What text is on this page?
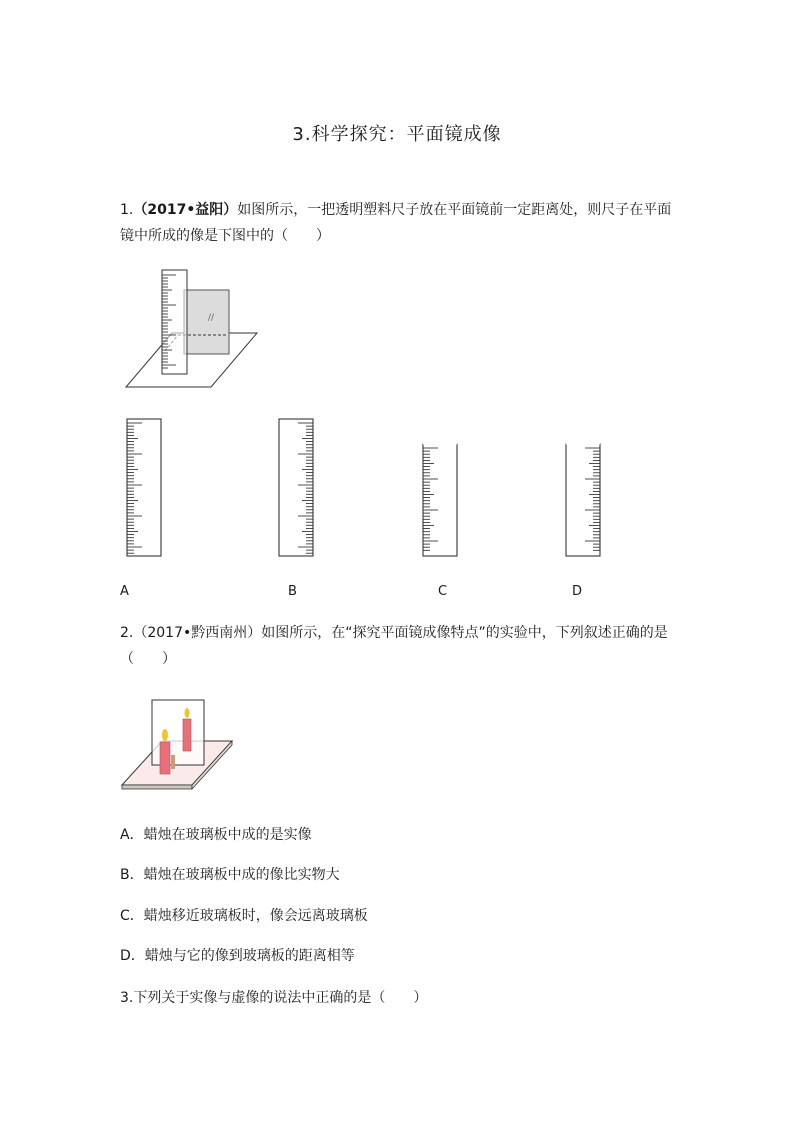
3.科学探究：平面镜成像
1.（2017•益阳）如图所示，一把透明塑料尺子放在平面镜前一定距离处，则尺子在平面
镜中所成的像是下图中的（　　）
//
A	B	C	D
2.（2017•黔西南州）如图所示，在“探究平面镜成像特点”的实验中，下列叙述正确的是
（　　）
A．蜡烛在玻璃板中成的是实像
B．蜡烛在玻璃板中成的像比实物大
C．蜡烛移近玻璃板时，像会远离玻璃板
D．蜡烛与它的像到玻璃板的距离相等
3.下列关于实像与虚像的说法中正确的是（　　）
